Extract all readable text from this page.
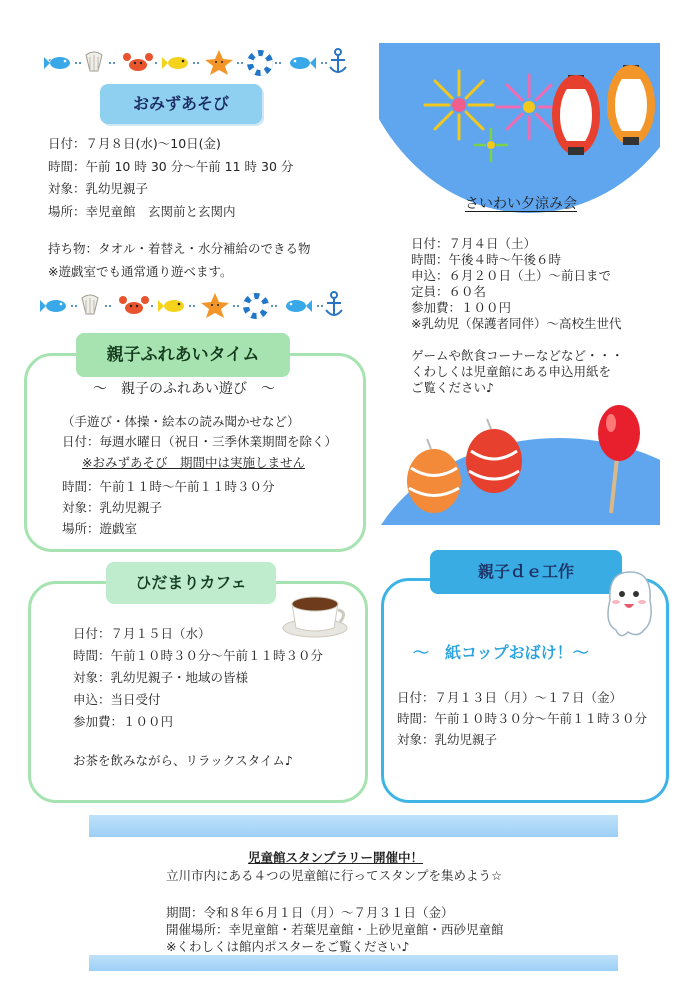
おみずあそび
日付：７月８日(水)～10日(金)
時間：午前 10 時 30 分～午前 11 時 30 分
対象：乳幼児親子
場所：幸児童館　玄関前と玄関内
持ち物：タオル・着替え・水分補給のできる物
※遊戯室でも通常通り遊べます。
さいわい夕涼み会
日付：７月４日（土）
時間：午後４時～午後６時
申込：６月２０日（土）～前日まで
定員：６０名
参加費：１００円
※乳幼児（保護者同伴）～高校生世代
ゲームや飲食コーナーなどなど・・・
くわしくは児童館にある申込用紙を
ご覧ください♪
親子ふれあいタイム
～　親子のふれあい遊び　～
（手遊び・体操・絵本の読み聞かせなど）
日付：毎週水曜日（祝日・三季休業期間を除く）
※おみずあそび　期間中は実施しません
時間：午前１１時～午前１１時３０分
対象：乳幼児親子
場所：遊戯室
ひだまりカフェ
日付：７月１５日（水）
時間：午前１０時３０分～午前１１時３０分
対象：乳幼児親子・地域の皆様
申込：当日受付
参加費：１００円
お茶を飲みながら、リラックスタイム♪
親子ｄｅ工作
～　紙コップおばけ！～
日付：７月１３日（月）～１７日（金）
時間：午前１０時３０分～午前１１時３０分
対象：乳幼児親子
児童館スタンプラリー開催中！
立川市内にある４つの児童館に行ってスタンプを集めよう☆
期間：令和８年６月１日（月）～７月３１日（金）
開催場所：幸児童館・若葉児童館・上砂児童館・西砂児童館
※くわしくは館内ポスターをご覧ください♪
